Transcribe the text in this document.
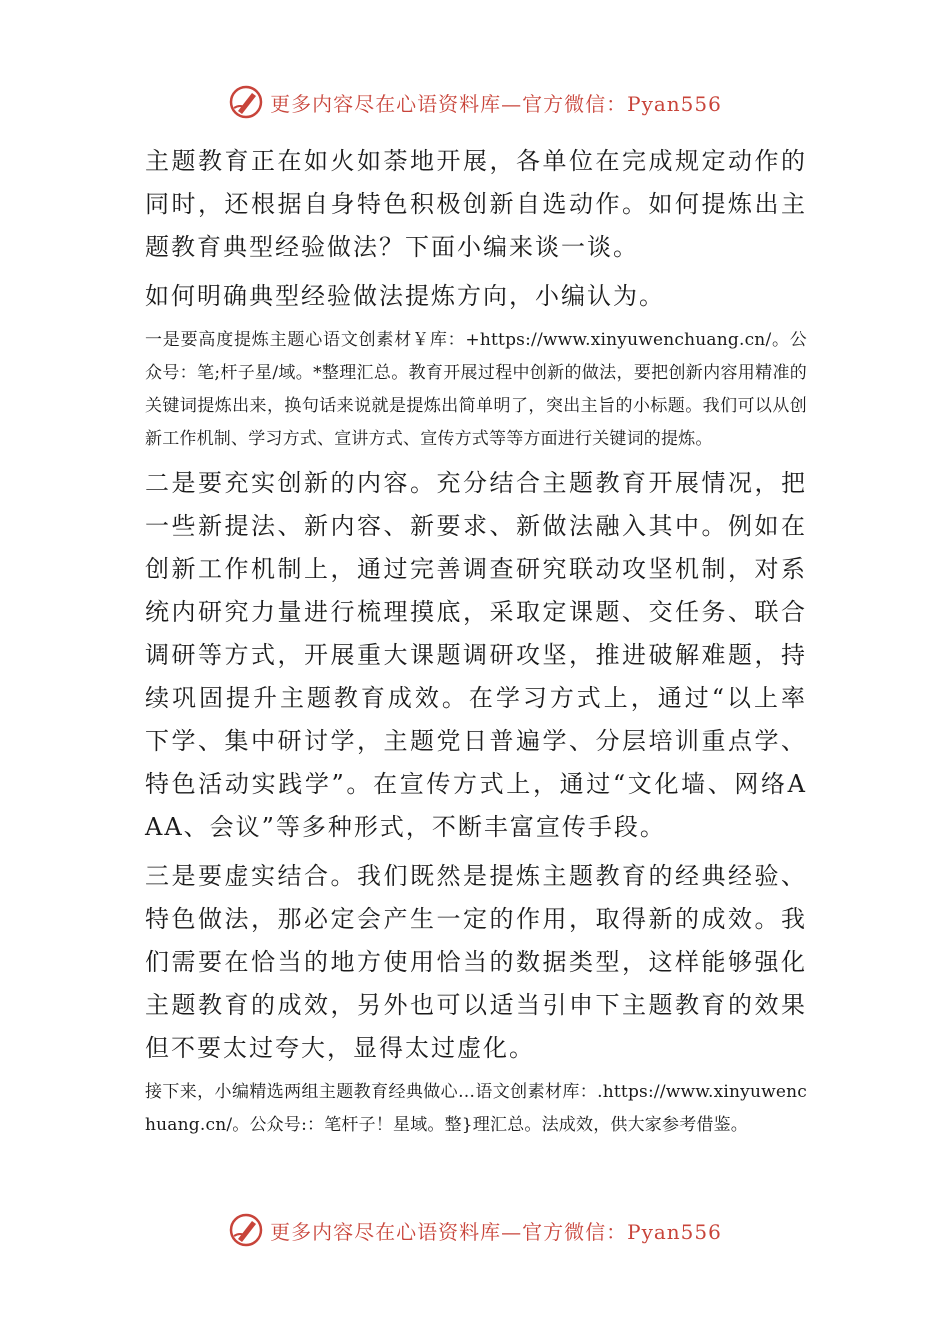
更多内容尽在心语资料库—官方微信：Pyan556

主题教育正在如火如荼地开展，各单位在完成规定动作的同时，还根据自身特色积极创新自选动作。如何提炼出主题教育典型经验做法？下面小编来谈一谈。

如何明确典型经验做法提炼方向，小编认为。

一是要高度提炼主题心语文创素材￥库：+https://www.xinyuwenchuang.cn/。公众号：笔;杆子星/域。*整理汇总。教育开展过程中创新的做法，要把创新内容用精准的关键词提炼出来，换句话来说就是提炼出简单明了，突出主旨的小标题。我们可以从创新工作机制、学习方式、宣讲方式、宣传方式等等方面进行关键词的提炼。

二是要充实创新的内容。充分结合主题教育开展情况，把一些新提法、新内容、新要求、新做法融入其中。例如在创新工作机制上，通过完善调查研究联动攻坚机制，对系统内研究力量进行梳理摸底，采取定课题、交任务、联合调研等方式，开展重大课题调研攻坚，推进破解难题，持续巩固提升主题教育成效。在学习方式上，通过“以上率下学、集中研讨学，主题党日普遍学、分层培训重点学、特色活动实践学”。在宣传方式上，通过“文化墙、网络AAA、会议”等多种形式，不断丰富宣传手段。

三是要虚实结合。我们既然是提炼主题教育的经典经验、特色做法，那必定会产生一定的作用，取得新的成效。我们需要在恰当的地方使用恰当的数据类型，这样能够强化主题教育的成效，另外也可以适当引申下主题教育的效果但不要太过夸大，显得太过虚化。

接下来，小编精选两组主题教育经典做心…语文创素材库：.https://www.xinyuwenchuang.cn/。公众号:：笔杆子！星域。整}理汇总。法成效，供大家参考借鉴。

更多内容尽在心语资料库—官方微信：Pyan556
